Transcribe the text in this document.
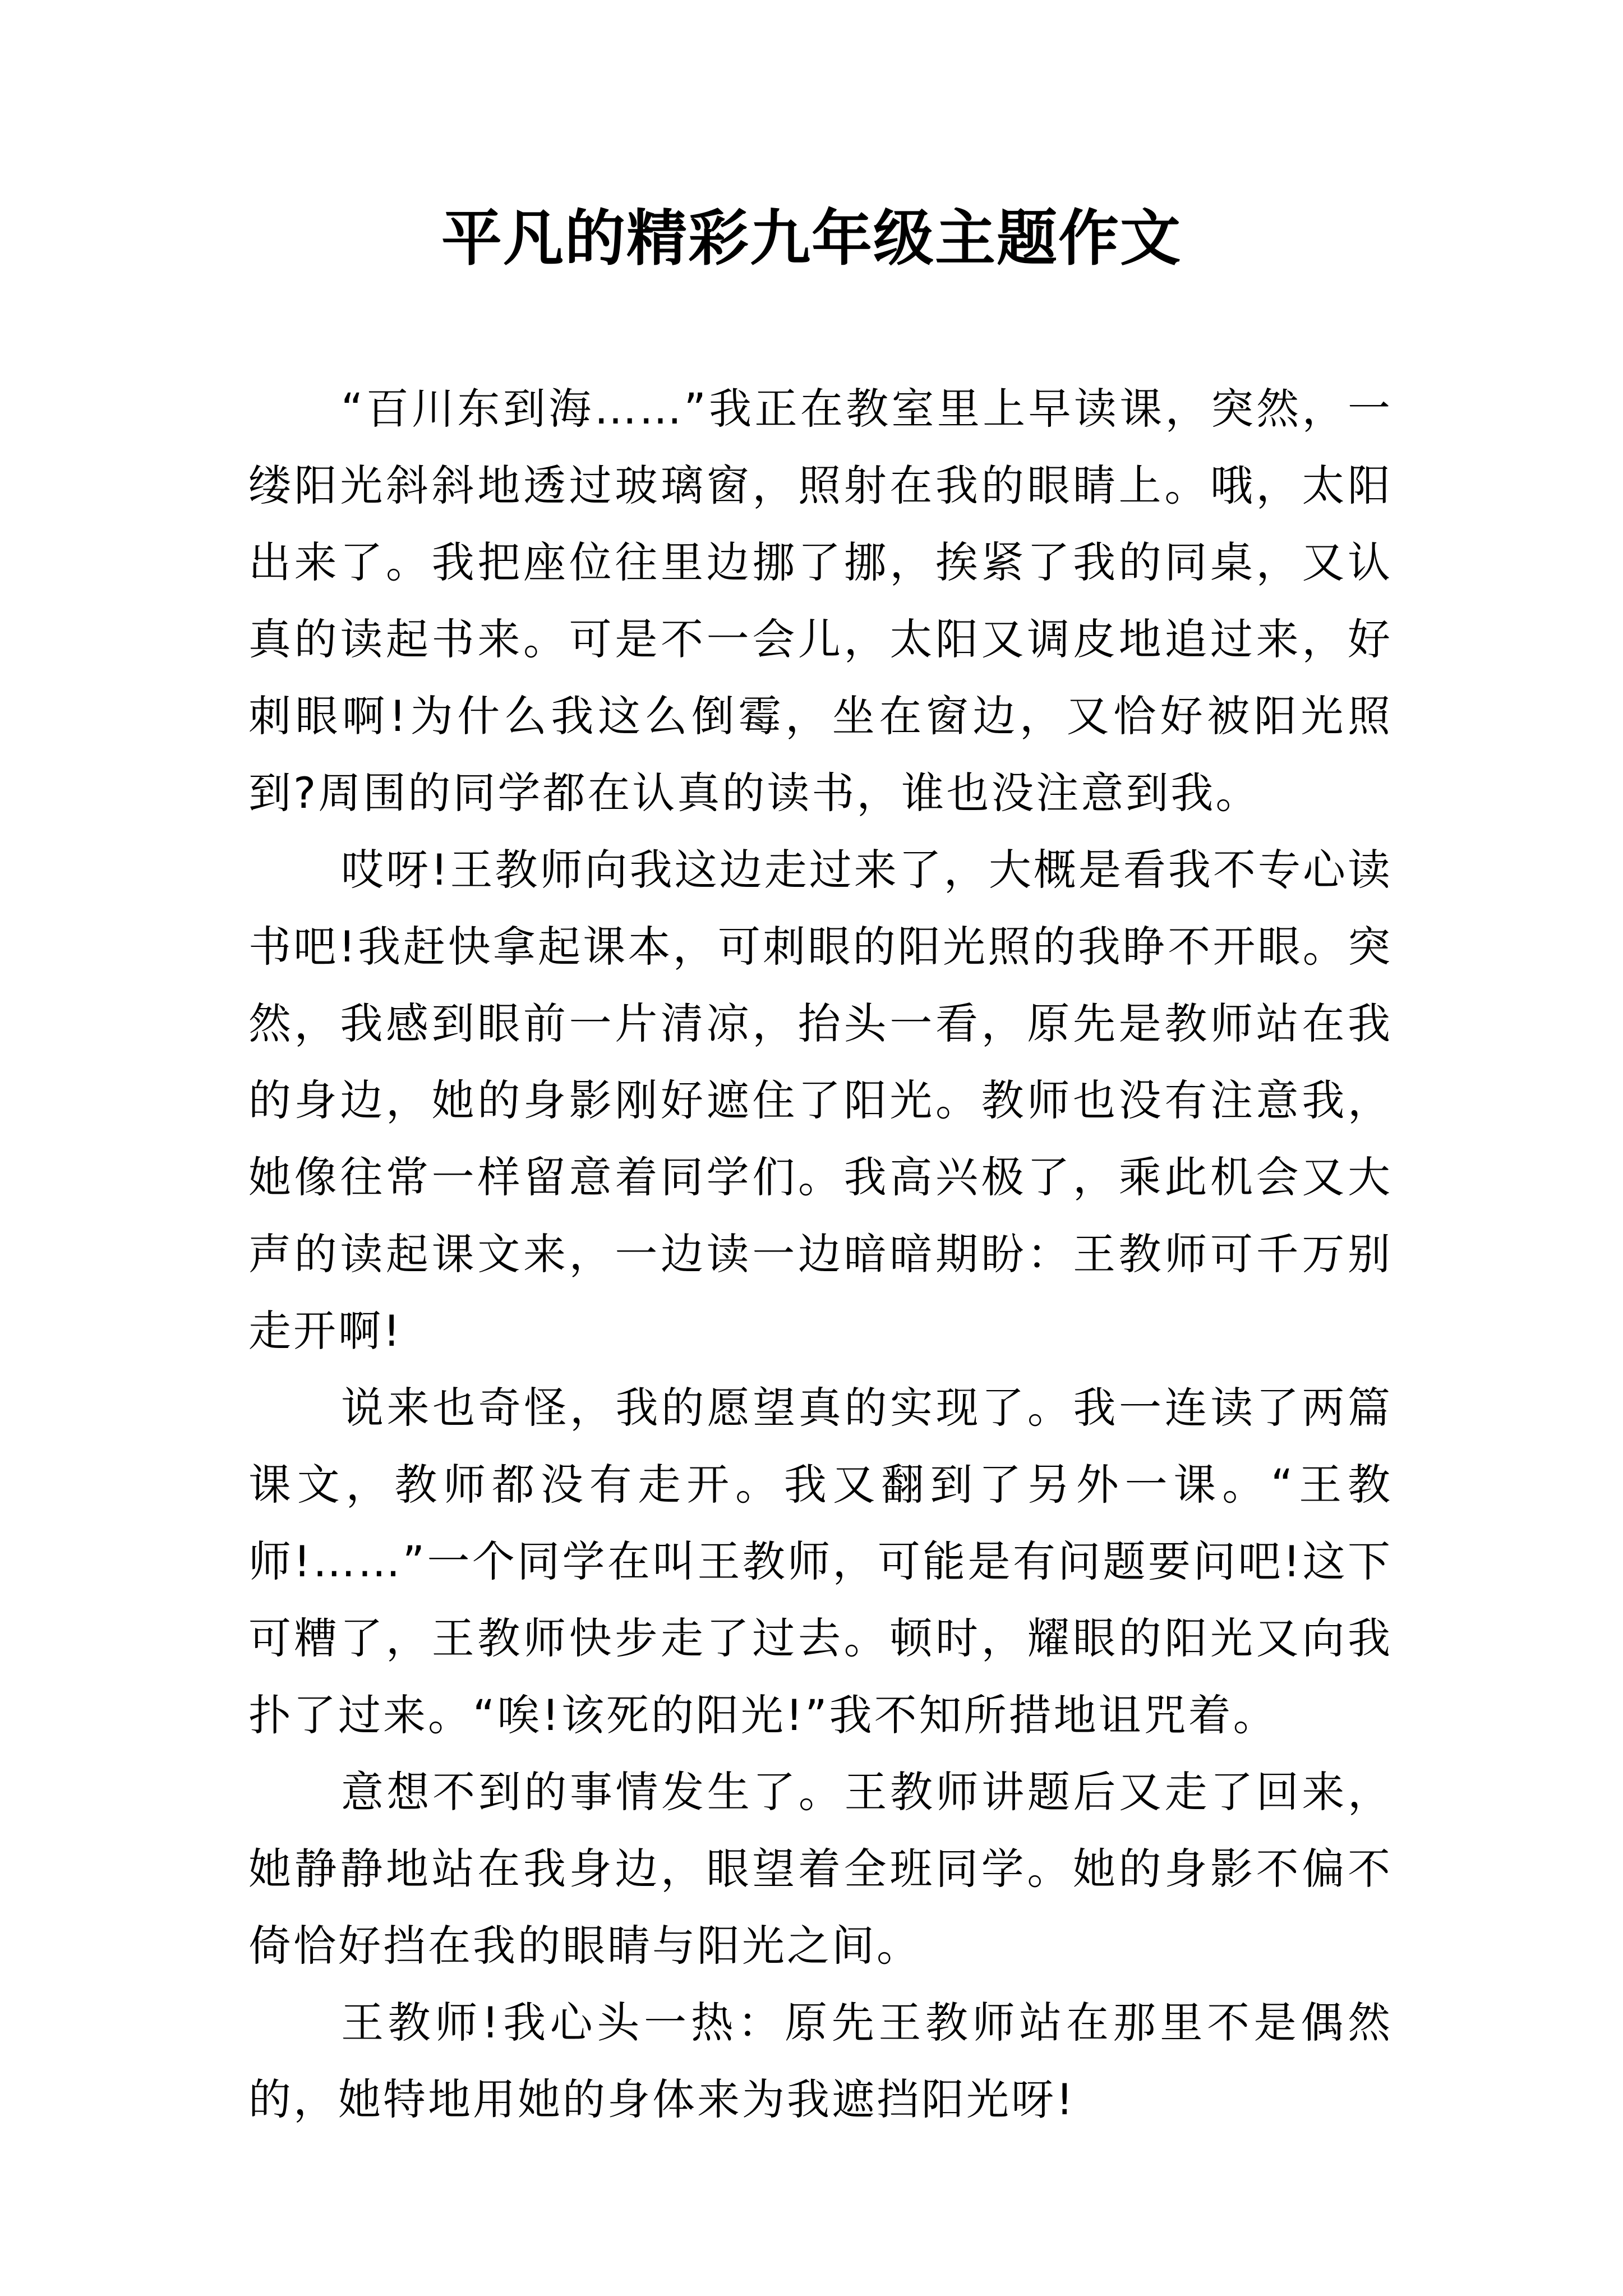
平凡的精彩九年级主题作文

“百川东到海……”我正在教室里上早读课，突然，一缕阳光斜斜地透过玻璃窗，照射在我的眼睛上。哦，太阳出来了。我把座位往里边挪了挪，挨紧了我的同桌，又认真的读起书来。可是不一会儿，太阳又调皮地追过来，好刺眼啊!为什么我这么倒霉，坐在窗边，又恰好被阳光照到?周围的同学都在认真的读书，谁也没注意到我。

哎呀!王教师向我这边走过来了，大概是看我不专心读书吧!我赶快拿起课本，可刺眼的阳光照的我睁不开眼。突然，我感到眼前一片清凉，抬头一看，原先是教师站在我的身边，她的身影刚好遮住了阳光。教师也没有注意我，她像往常一样留意着同学们。我高兴极了，乘此机会又大声的读起课文来，一边读一边暗暗期盼：王教师可千万别走开啊!

说来也奇怪，我的愿望真的实现了。我一连读了两篇课文，教师都没有走开。我又翻到了另外一课。“王教师!……”一个同学在叫王教师，可能是有问题要问吧!这下可糟了，王教师快步走了过去。顿时，耀眼的阳光又向我扑了过来。“唉!该死的阳光!”我不知所措地诅咒着。

意想不到的事情发生了。王教师讲题后又走了回来，她静静地站在我身边，眼望着全班同学。她的身影不偏不倚恰好挡在我的眼睛与阳光之间。

王教师!我心头一热：原先王教师站在那里不是偶然的，她特地用她的身体来为我遮挡阳光呀!
